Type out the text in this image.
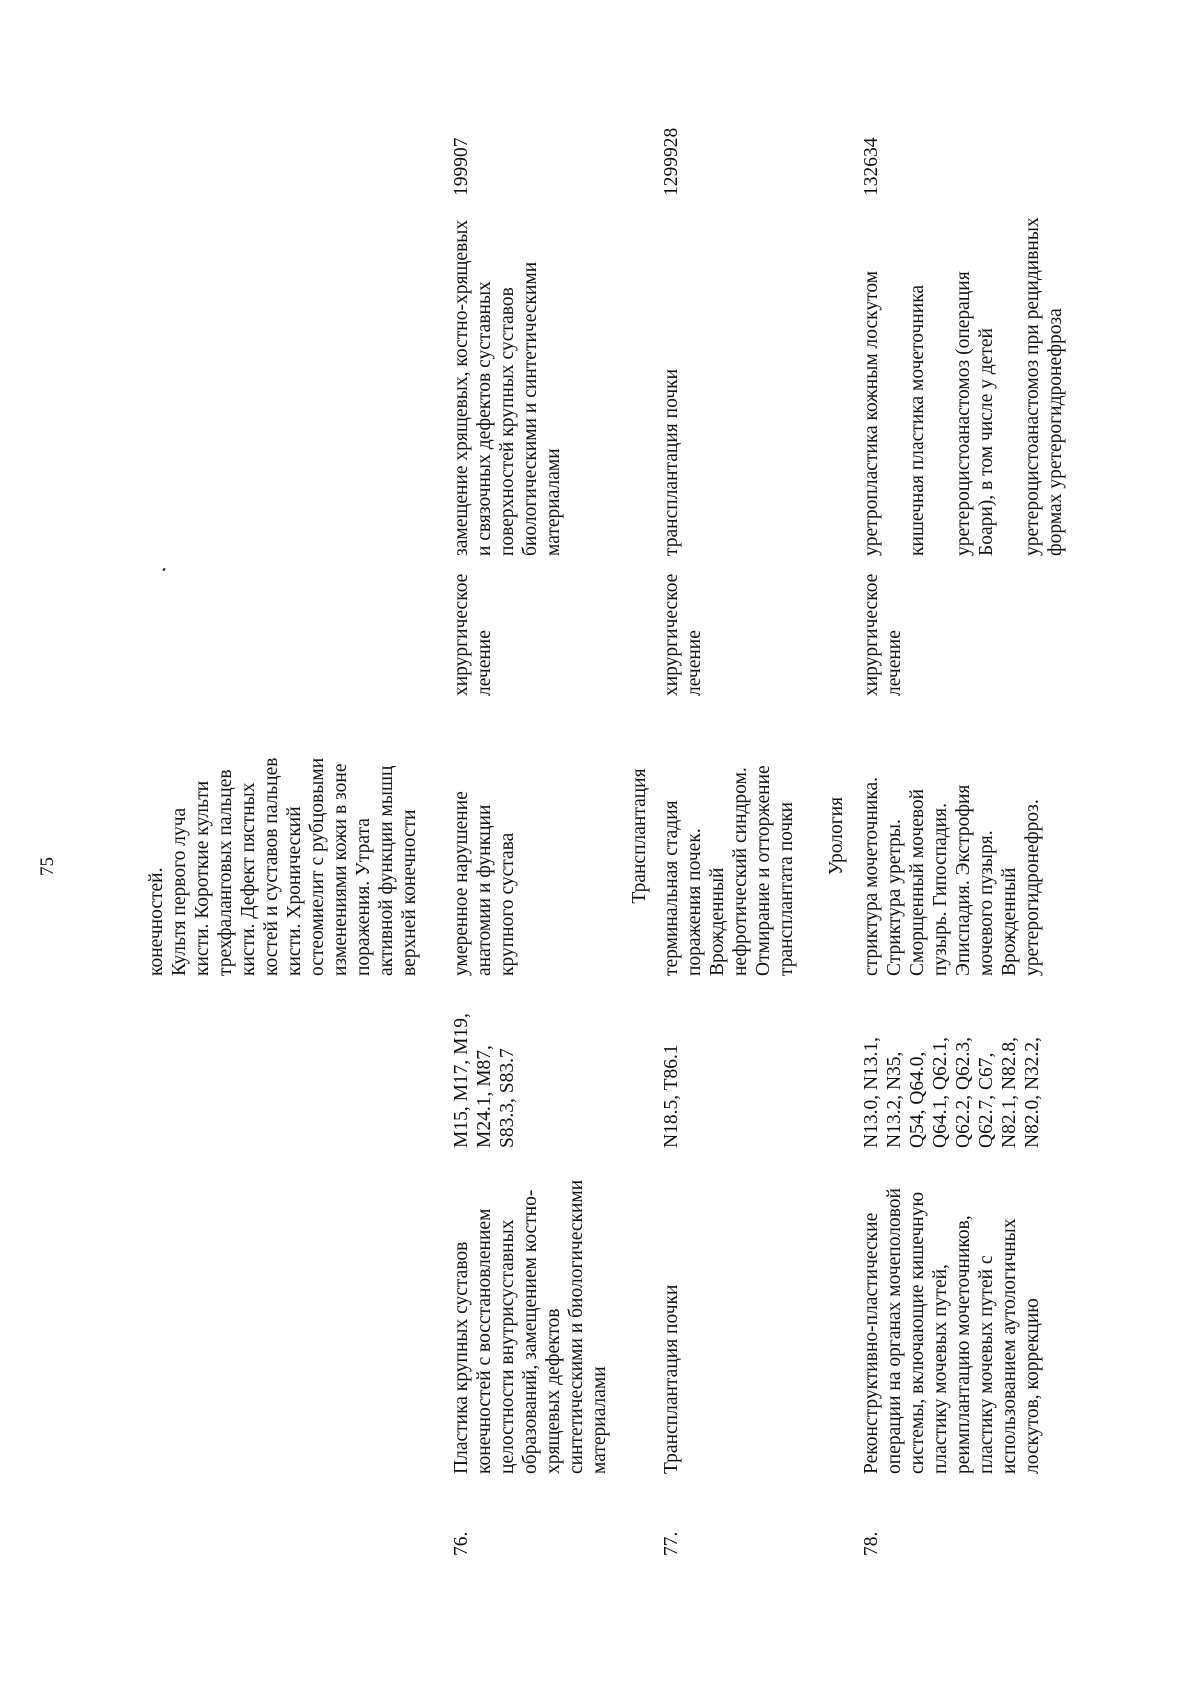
75
конечностей. Культя первого луча кисти. Короткие культи трехфаланговых пальцев кисти. Дефект пястных костей и суставов пальцев кисти. Хронический остеомиелит с рубцовыми изменениями кожи в зоне поражения. Утрата активной функции мышц верхней конечности
76.
Пластика крупных суставов конечностей с восстановлением целостности внутрисуставных образований, замещением костно- хрящевых дефектов синтетическими и биологическими материалами
M15, M17, M19, M24.1, M87, S83.3, S83.7
умеренное нарушение анатомии и функции крупного сустава
хирургическое лечение
замещение хрящевых, костно-хрящевых и связочных дефектов суставных поверхностей крупных суставов биологическими и синтетическими материалами
199907
Трансплантация
77.
Трансплантация почки
N18.5, T86.1
терминальная стадия поражения почек. Врожденный нефротический синдром. Отмирание и отторжение трансплантата почки
хирургическое лечение
трансплантация почки
1299928
Урология
78.
Реконструктивно-пластические операции на органах мочеполовой системы, включающие кишечную пластику мочевых путей, реимплантацию мочеточников, пластику мочевых путей с использованием аутологичных лоскутов, коррекцию
N13.0, N13.1, N13.2, N35, Q54, Q64.0, Q64.1, Q62.1, Q62.2, Q62.3, Q62.7, C67, N82.1, N82.8, N82.0, N32.2,
стриктура мочеточника. Стриктура уретры. Сморщенный мочевой пузырь. Гипоспадия. Эписпадия. Экстрофия мочевого пузыря. Врожденный уретерогидронефроз.
хирургическое лечение
уретропластика кожным лоскутом кишечная пластика мочеточника уретероцистоанастомоз (операция Боари), в том числе у детей уретероцистоанастомоз при рецидивных формах уретерогидронефроза
132634
